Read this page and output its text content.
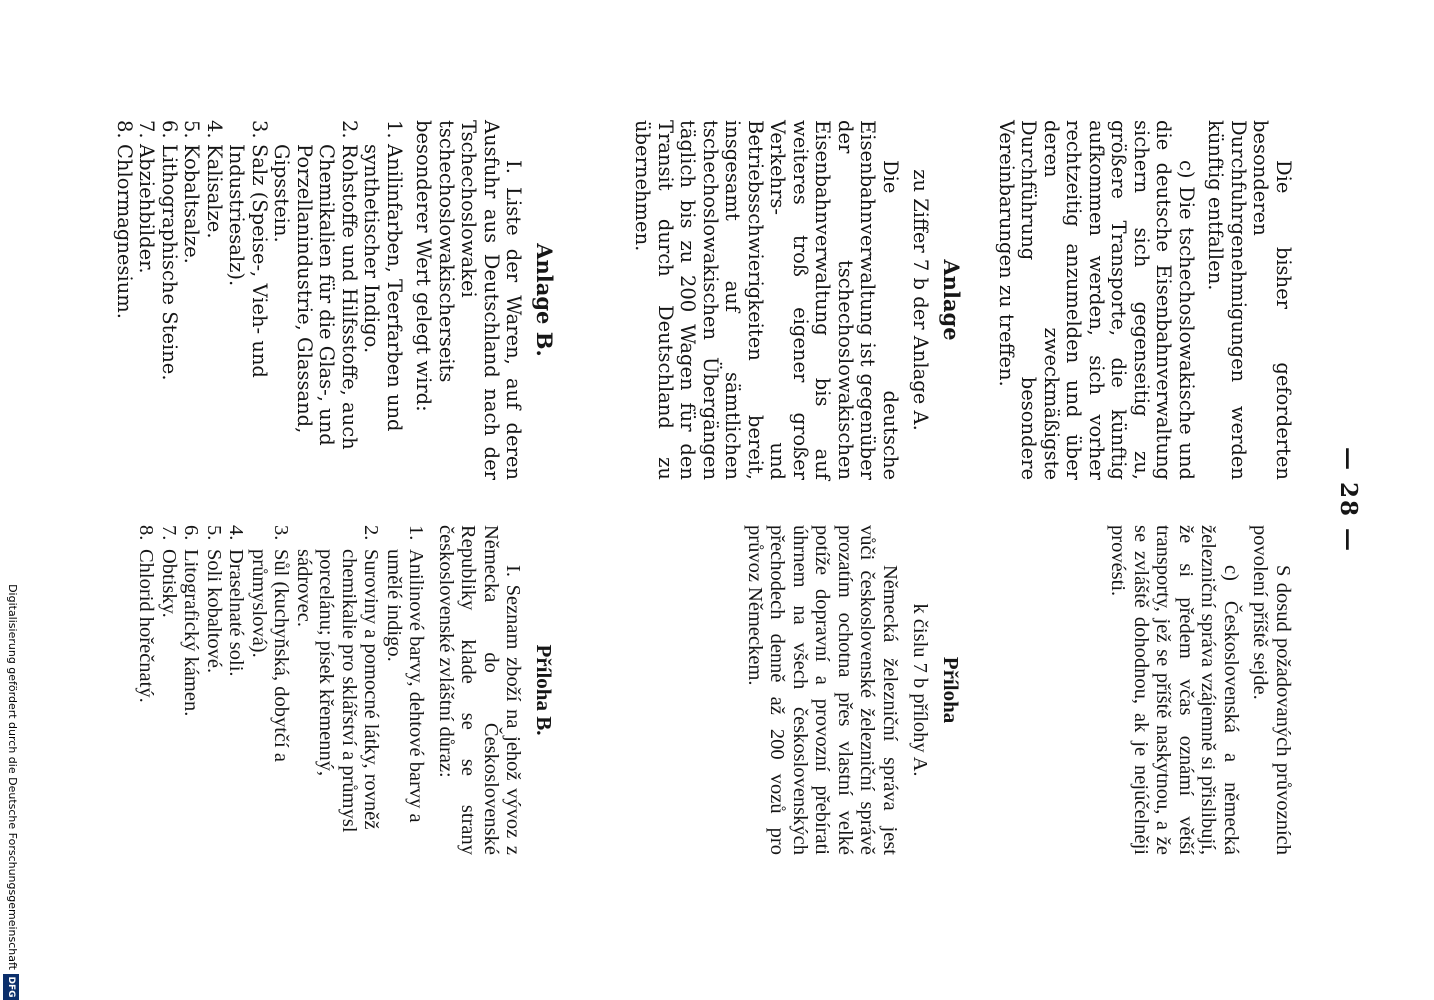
— 28 —

Die bisher geforderten besonderen Durchfuhrgenehmigungen werden künftig entfallen.

c) Die tschechoslowakische und die deutsche Eisenbahnverwaltung sichern sich gegenseitig zu, größere Transporte, die künftig aufkommen werden, sich vorher rechtzeitig anzumelden und über deren zweckmäßigste Durchführung besondere Vereinbarungen zu treffen.

S dosud požadovaných průvozních povolení příště sejde.

c) Československá a německá železniční správa vzájemně si přislibují, že si předem včas oznámí větší transporty, jež se příště naskytnou, a že se zvláště dohodnou, ak je nejúčelněji provésti.

Anlage

zu Ziffer 7 b der Anlage A.

Die deutsche Eisenbahnverwaltung ist gegenüber der tschechoslowakischen Eisenbahnverwaltung bis auf weiteres troß eigener großer Verkehrs- und Betriebsschwierigkeiten bereit, insgesamt auf sämtlichen tschechoslowakischen Übergängen täglich bis zu 200 Wagen für den Transit durch Deutschland zu übernehmen.

Příloha

k čislu 7 b přílohy A.

Německá železniční správa jest vůči československé železniční správě prozatím ochotna přes vlastní velké potíže dopravní a provozní přebírati úhrnem na všech československých přechodech denně až 200 vozů pro průvoz Německem.

Anlage B.

I. Liste der Waren, auf deren Ausfuhr aus Deutschland nach der Tschechoslowakei tschechoslowakischerseits besonderer Wert gelegt wird:

1.
Anilinfarben, Teerfarben und synthetischer Indigo.
2.
Rohstoffe und Hilfsstoffe, auch Chemikalien für die Glas-, und Porzellanindustrie, Glassand, Gipsstein.
3.
Salz (Speise-, Vieh- und Industriesalz).
4.
Kalisalze.
5.
Kobaltsalze.
6.
Lithographische Steine.
7.
Abziehbilder.
8.
Chlormagnesium.

Příloha B.

I. Seznam zboží na jehož vývoz z Německa do Československé Republiky klade se se strany československé zvláštní důraz:

1.
Anilinové barvy, dehtové barvy a umělé indigo.
2.
Suroviny a pomocné látky, rovněž chemikalie pro sklářství a průmysl porcelánu; písek křemenný, sádrovec.
3.
Sůl (kuchyňská, dobytčí a průmyslová).
4.
Draselnaté soli.
5.
Soli kobaltové.
6.
Litografický kámen.
7.
Obtisky.
8.
Chlorid hořečnatý.
Digitalisierung gefördert durch die Deutsche Forschungsgemeinschaft
DFG
